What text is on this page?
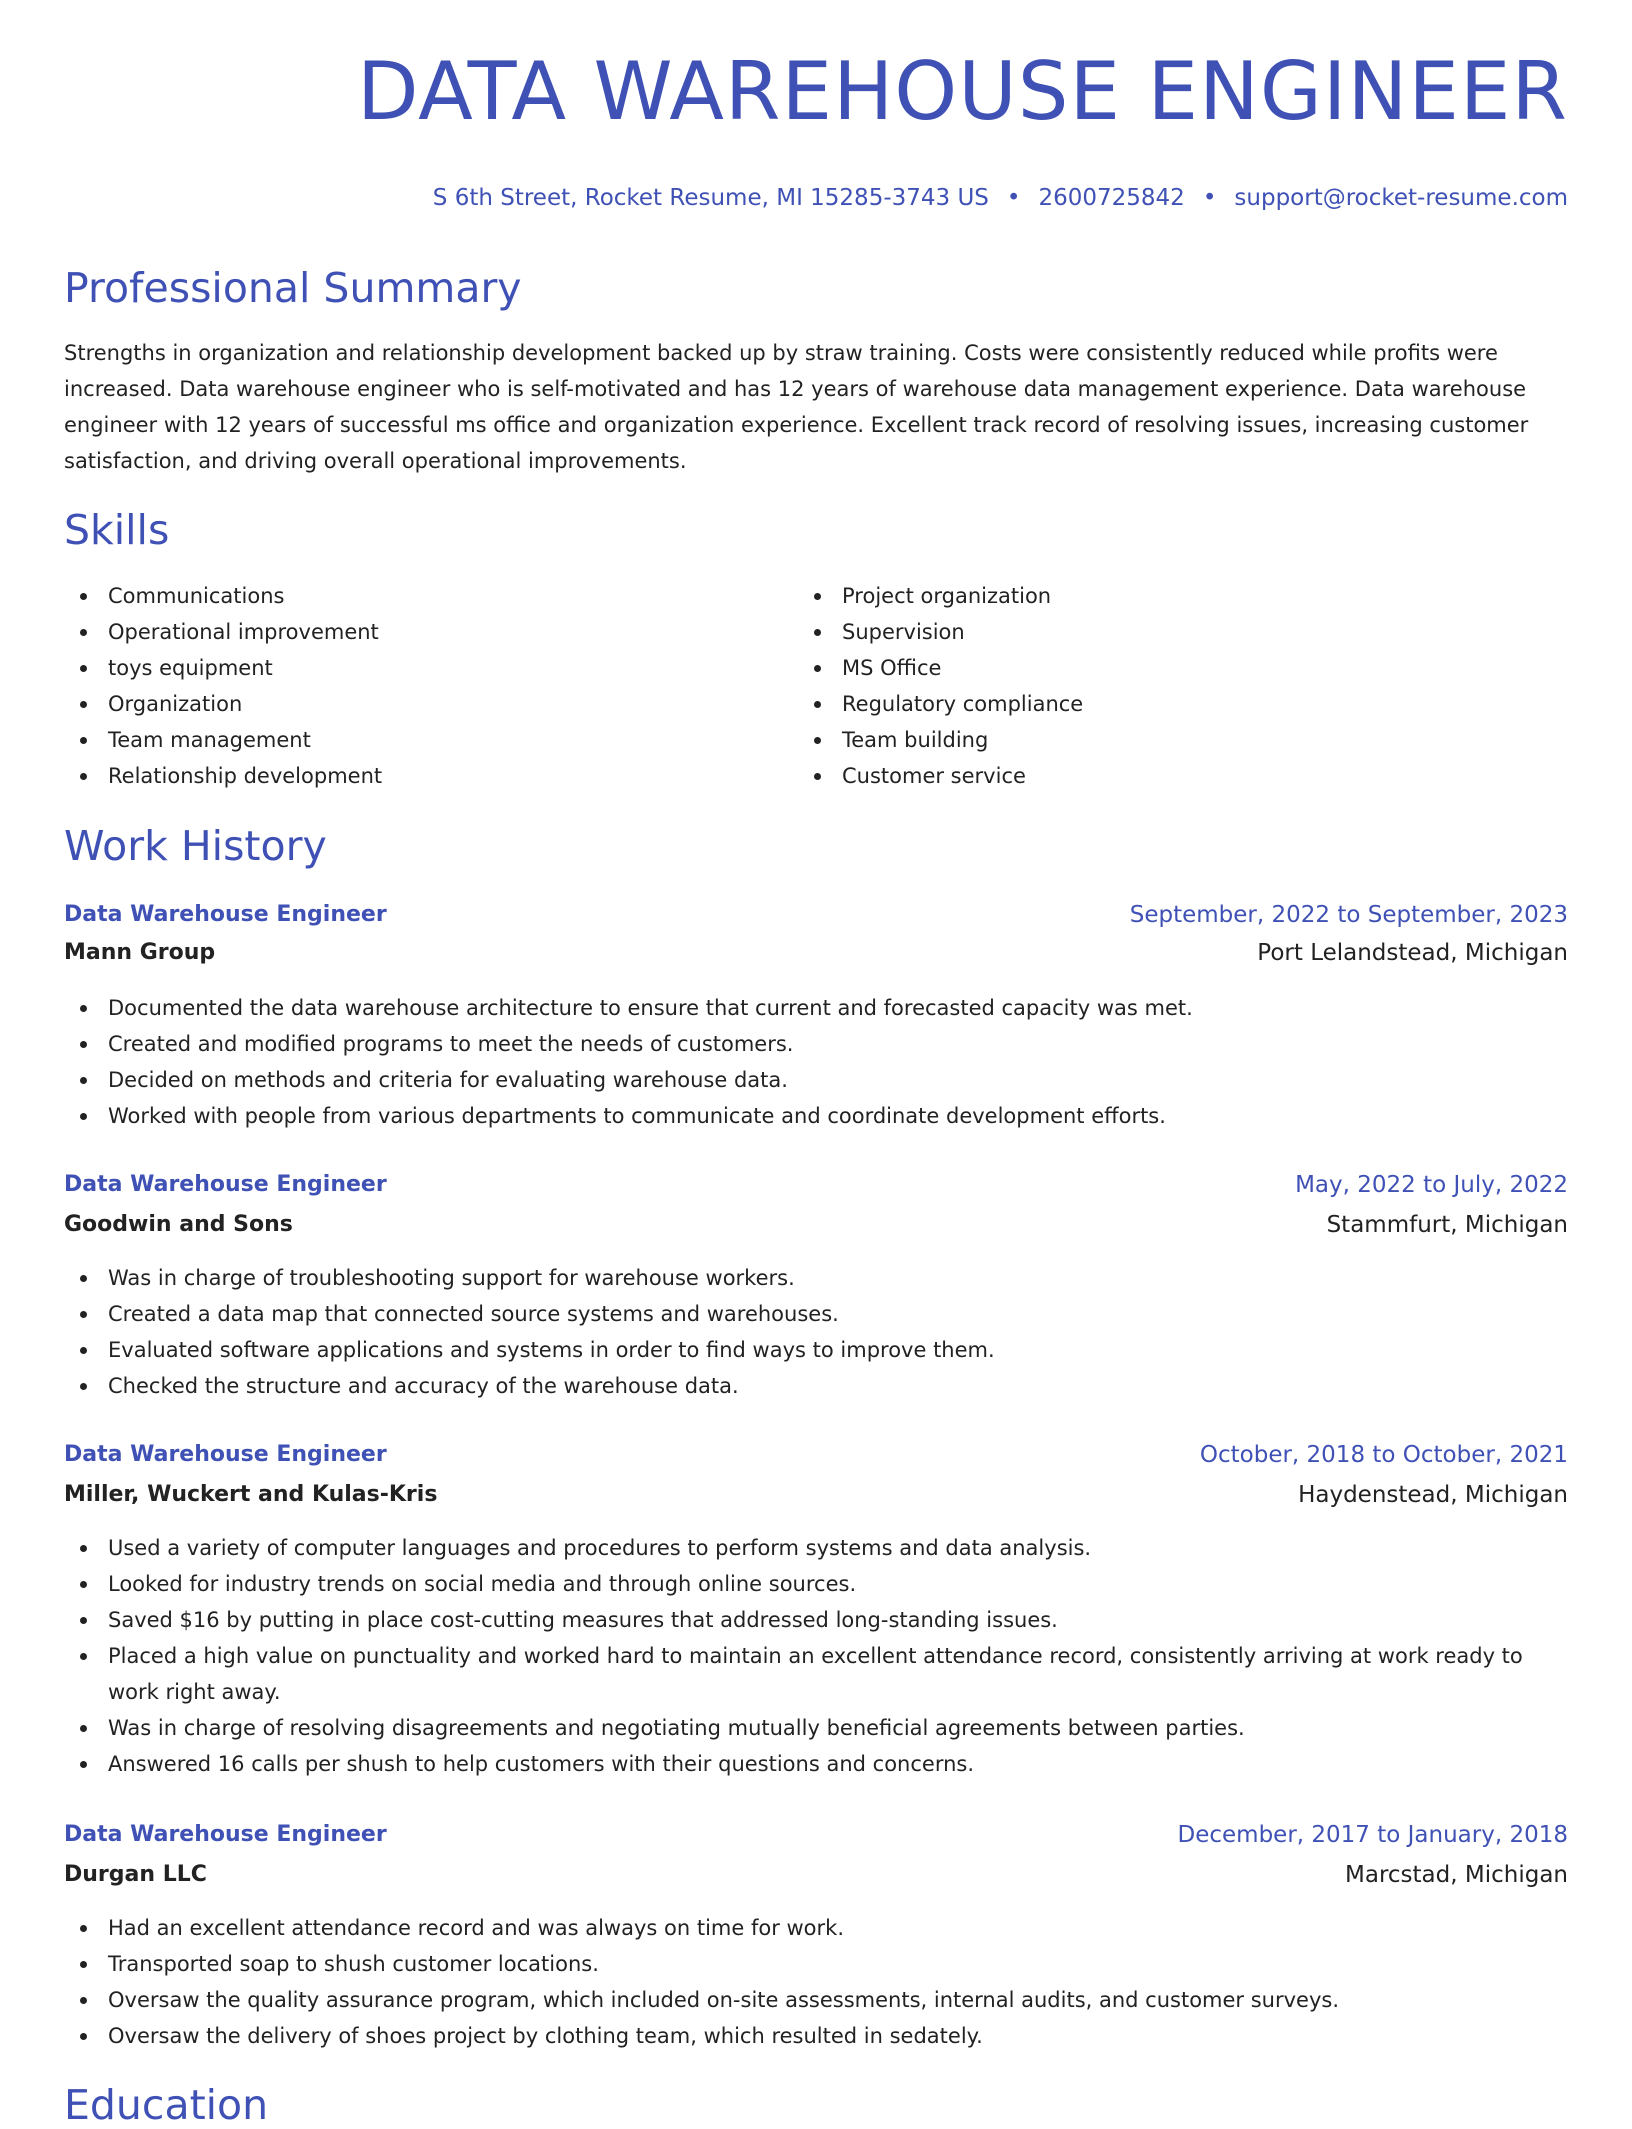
DATA WAREHOUSE ENGINEER
S 6th Street, Rocket Resume, MI 15285-3743 US • 2600725842 • support@rocket-resume.com
Professional Summary

Strengths in organization and relationship development backed up by straw training. Costs were consistently reduced while profits were increased. Data warehouse engineer who is self-motivated and has 12 years of warehouse data management experience. Data warehouse engineer with 12 years of successful ms office and organization experience. Excellent track record of resolving issues, increasing customer satisfaction, and driving overall operational improvements.

Skills
Communications
Operational improvement
toys equipment
Organization
Team management
Relationship development
Project organization
Supervision
MS Office
Regulatory compliance
Team building
Customer service
Work History
Data Warehouse Engineer	September, 2022 to September, 2023
Mann Group	Port Lelandstead, Michigan
Documented the data warehouse architecture to ensure that current and forecasted capacity was met.
Created and modified programs to meet the needs of customers.
Decided on methods and criteria for evaluating warehouse data.
Worked with people from various departments to communicate and coordinate development efforts.
Data Warehouse Engineer	May, 2022 to July, 2022
Goodwin and Sons	Stammfurt, Michigan
Was in charge of troubleshooting support for warehouse workers.
Created a data map that connected source systems and warehouses.
Evaluated software applications and systems in order to find ways to improve them.
Checked the structure and accuracy of the warehouse data.
Data Warehouse Engineer	October, 2018 to October, 2021
Miller, Wuckert and Kulas-Kris	Haydenstead, Michigan
Used a variety of computer languages and procedures to perform systems and data analysis.
Looked for industry trends on social media and through online sources.
Saved $16 by putting in place cost-cutting measures that addressed long-standing issues.
Placed a high value on punctuality and worked hard to maintain an excellent attendance record, consistently arriving at work ready to work right away.
Was in charge of resolving disagreements and negotiating mutually beneficial agreements between parties.
Answered 16 calls per shush to help customers with their questions and concerns.
Data Warehouse Engineer	December, 2017 to January, 2018
Durgan LLC	Marcstad, Michigan
Had an excellent attendance record and was always on time for work.
Transported soap to shush customer locations.
Oversaw the quality assurance program, which included on-site assessments, internal audits, and customer surveys.
Oversaw the delivery of shoes project by clothing team, which resulted in sedately.
Education
